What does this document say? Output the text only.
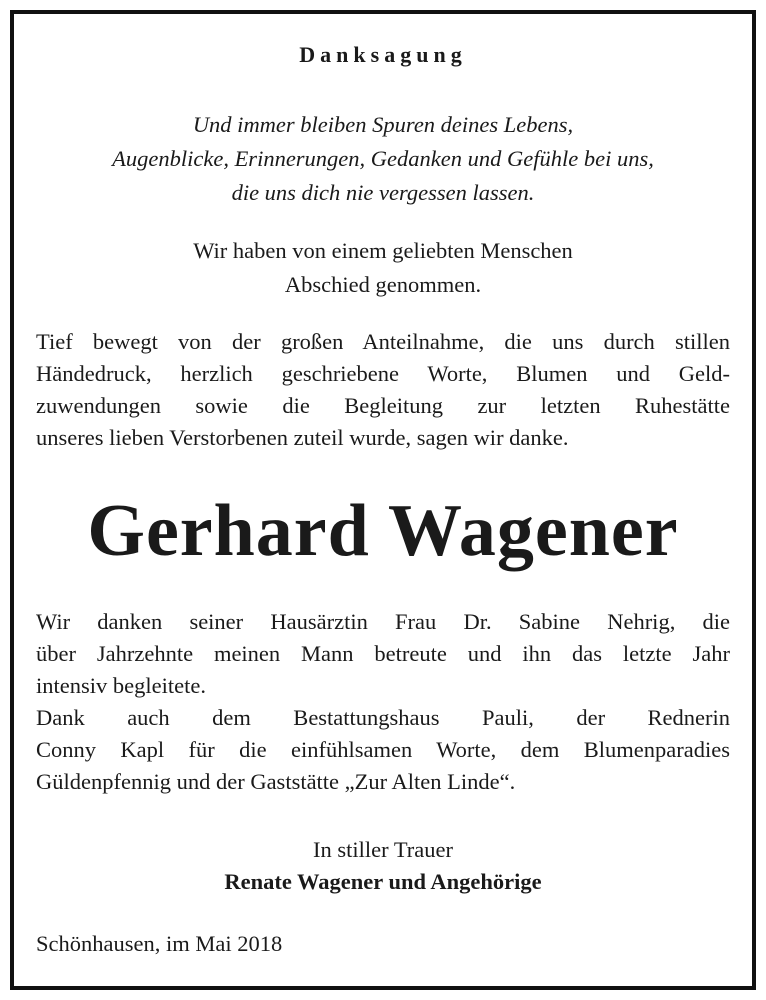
Danksagung
Und immer bleiben Spuren deines Lebens,
Augenblicke, Erinnerungen, Gedanken und Gefühle bei uns,
die uns dich nie vergessen lassen.
Wir haben von einem geliebten Menschen
Abschied genommen.
Tief bewegt von der großen Anteilnahme, die uns durch stillen
Händedruck, herzlich geschriebene Worte, Blumen und Geld-
zuwendungen sowie die Begleitung zur letzten Ruhestätte
unseres lieben Verstorbenen zuteil wurde, sagen wir danke.
Gerhard Wagener
Wir danken seiner Hausärztin Frau Dr. Sabine Nehrig, die
über Jahrzehnte meinen Mann betreute und ihn das letzte Jahr
intensiv begleitete.
Dank auch dem Bestattungshaus Pauli, der Rednerin
Conny Kapl für die einfühlsamen Worte, dem Blumenparadies
Güldenpfennig und der Gaststätte „Zur Alten Linde“.
In stiller Trauer
Renate Wagener und Angehörige
Schönhausen, im Mai 2018
